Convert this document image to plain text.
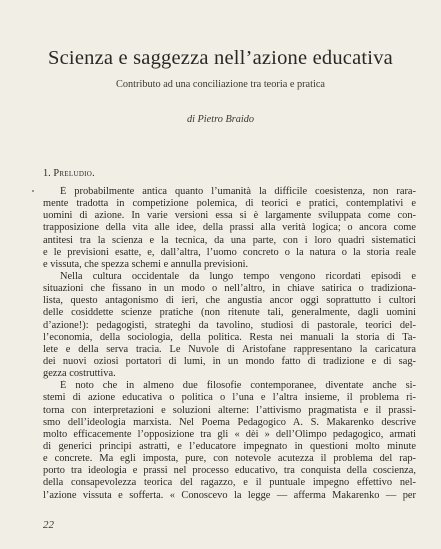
Scienza e saggezza nell’azione educativa
Contributo ad una conciliazione tra teoria e pratica
di Pietro Braido
1. Preludio.
È probabilmente antica quanto l’umanità la difficile coesistenza, non rara-
mente tradotta in competizione polemica, di teorici e pratici, contemplativi e
uomini di azione. In varie versioni essa si è largamente sviluppata come con-
trapposizione della vita alle idee, della prassi alla verità logica; o ancora come
antitesi tra la scienza e la tecnica, da una parte, con i loro quadri sistematici
e le previsioni esatte, e, dall’altra, l’uomo concreto o la natura o la storia reale
e vissuta, che spezza schemi e annulla previsioni.
Nella cultura occidentale da lungo tempo vengono ricordati episodi e
situazioni che fissano in un modo o nell’altro, in chiave satirica o tradiziona-
lista, questo antagonismo di ieri, che angustia ancor oggi soprattutto i cultori
delle cosiddette scienze pratiche (non ritenute tali, generalmente, dagli uomini
d’azione!): pedagogisti, strateghi da tavolino, studiosi di pastorale, teorici del-
l’economia, della sociologia, della politica. Resta nei manuali la storia di Ta-
lete e della serva tracia. Le Nuvole di Aristofane rappresentano la caricatura
dei nuovi oziosi portatori di lumi, in un mondo fatto di tradizione e di sag-
gezza costruttiva.
È noto che in almeno due filosofie contemporanee, diventate anche si-
stemi di azione educativa o politica o l’una e l’altra insieme, il problema ri-
torna con interpretazioni e soluzioni alterne: l’attivismo pragmatista e il prassi-
smo dell’ideologia marxista. Nel Poema Pedagogico A. S. Makarenko descrive
molto efficacemente l’opposizione tra gli « dèi » dell’Olimpo pedagogico, armati
di generici principi astratti, e l’educatore impegnato in questioni molto minute
e concrete. Ma egli imposta, pure, con notevole acutezza il problema del rap-
porto tra ideologia e prassi nel processo educativo, tra conquista della coscienza,
della consapevolezza teorica del ragazzo, e il puntuale impegno effettivo nel-
l’azione vissuta e sofferta. « Conoscevo la legge — afferma Makarenko — per
22
